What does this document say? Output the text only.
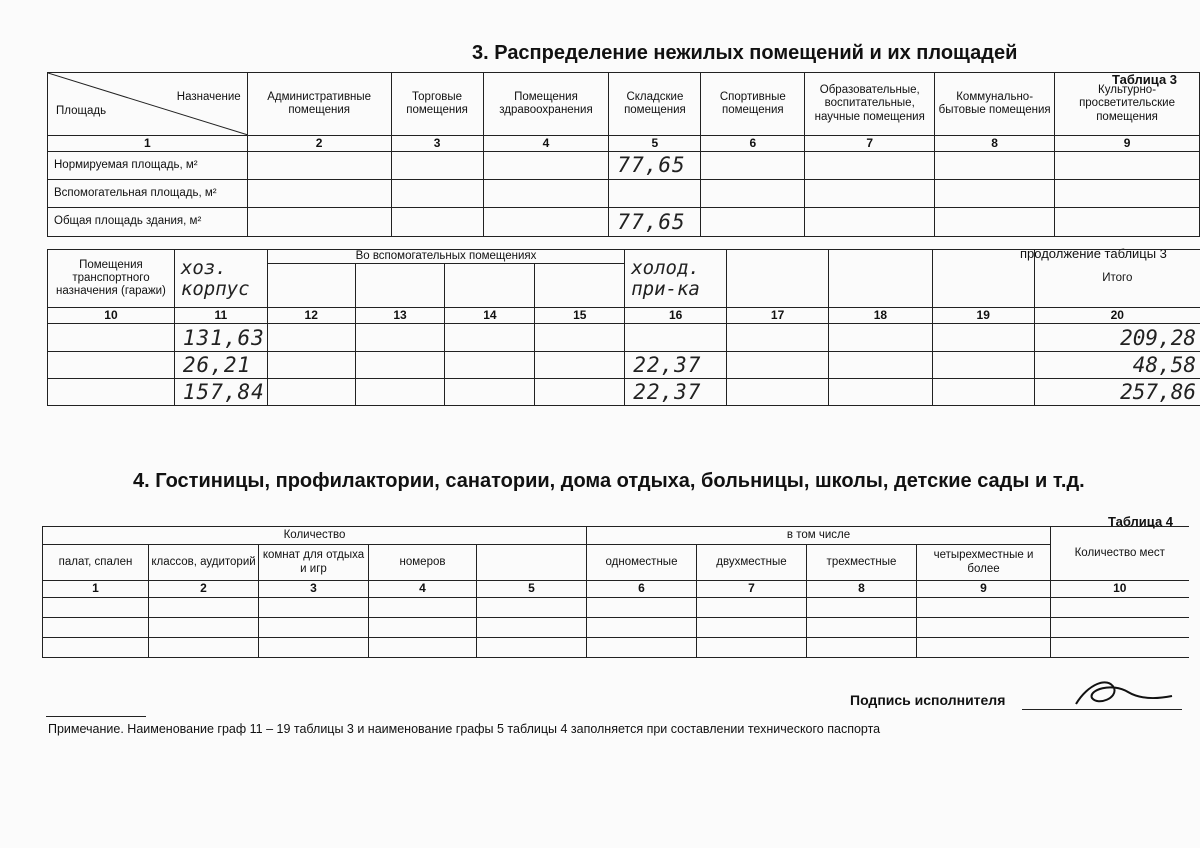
3. Распределение нежилых помещений и их площадей
Таблица 3
Назначение
Площадь	Административные помещения	Торговые помещения	Помещения здравоохранения	Складские помещения	Спортивные помещения	Образовательные, воспитательные, научные помещения	Коммунально-бытовые помещения	Культурно-просветительские помещения
1	2	3	4	5	6	7	8	9
Нормируемая площадь, м²				77,65				
Вспомогательная площадь, м²								
Общая площадь здания, м²				77,65				
продолжение таблицы 3
Помещения транспортного назначения (гаражи)	хоз. корпус	Во вспомогательных помещениях				холод. при-ка				Итого

10	11	12	13	14	15	16	17	18	19	20
	131,63									209,28
	26,21					22,37				48,58
	157,84					22,37				257,86
4. Гостиницы, профилактории, санатории, дома отдыха, больницы, школы, детские сады и т.д.
Таблица 4
Количество					в том числе				Количество мест
палат, спален	классов, аудиторий	комнат для отдыха и игр	номеров		одноместные	двухместные	трехместные	четырехместные и более	
1	2	3	4	5	6	7	8	9	10

Подпись исполнителя
Примечание. Наименование граф 11 – 19 таблицы 3 и наименование графы 5 таблицы 4 заполняется при составлении технического паспорта
